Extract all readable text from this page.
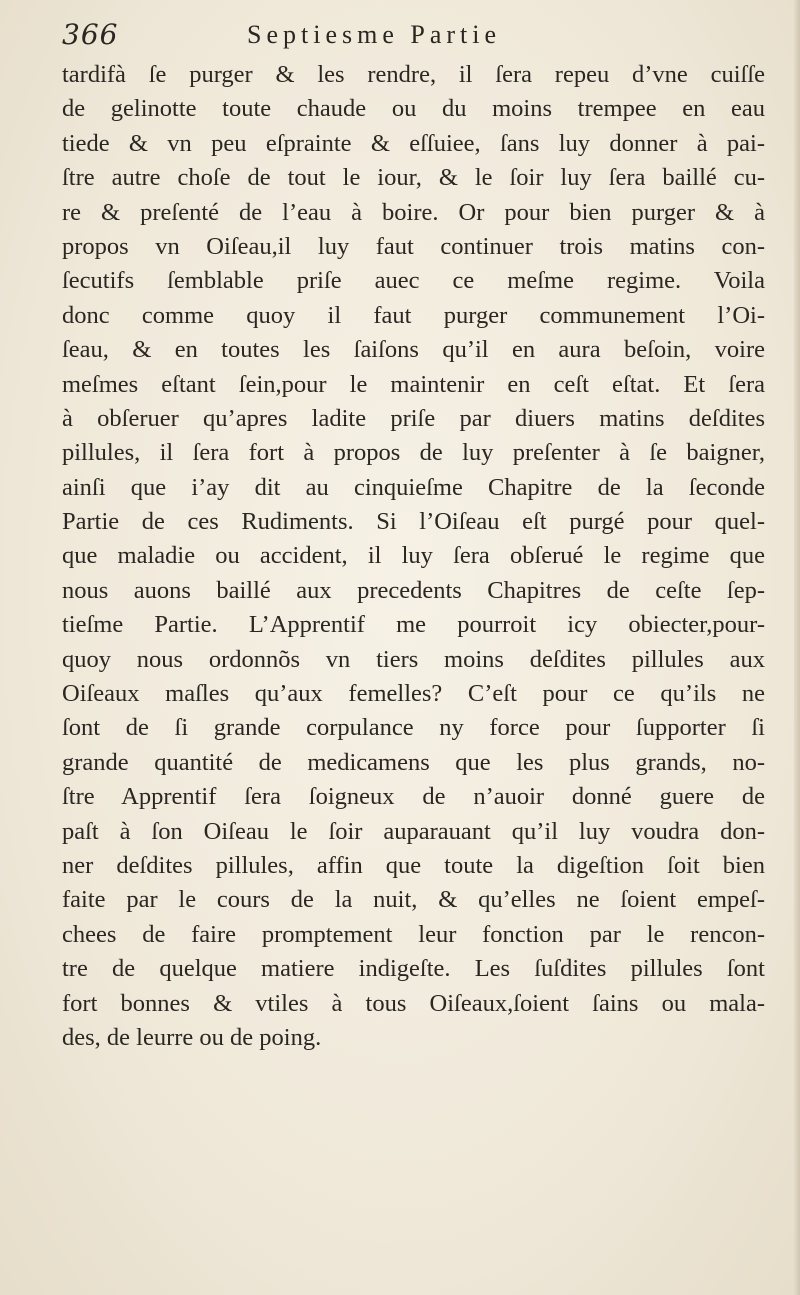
366	Septiesme Partie
tardifà ſe purger & les rendre, il ſera repeu d’vne cuiſſe
de gelinotte toute chaude ou du moins trempee en eau
tiede & vn peu eſprainte & eſſuiee, ſans luy donner à pai-
ſtre autre choſe de tout le iour, & le ſoir luy ſera baillé cu-
re & preſenté de l’eau à boire. Or pour bien purger & à
propos vn Oiſeau,il luy faut continuer trois matins con-
ſecutifs ſemblable priſe auec ce meſme regime. Voila
donc comme quoy il faut purger communement l’Oi-
ſeau, & en toutes les ſaiſons qu’il en aura beſoin, voire
meſmes eſtant ſein,pour le maintenir en ceſt eſtat. Et ſera
à obſeruer qu’apres ladite priſe par diuers matins deſdites
pillules, il ſera fort à propos de luy preſenter à ſe baigner,
ainſi que i’ay dit au cinquieſme Chapitre de la ſeconde
Partie de ces Rudiments. Si l’Oiſeau eſt purgé pour quel-
que maladie ou accident, il luy ſera obſerué le regime que
nous auons baillé aux precedents Chapitres de ceſte ſep-
tieſme Partie. L’Apprentif me pourroit icy obiecter,pour-
quoy nous ordonnõs vn tiers moins deſdites pillules aux
Oiſeaux maſles qu’aux femelles? C’eſt pour ce qu’ils ne
ſont de ſi grande corpulance ny force pour ſupporter ſi
grande quantité de medicamens que les plus grands, no-
ſtre Apprentif ſera ſoigneux de n’auoir donné guere de
paſt à ſon Oiſeau le ſoir auparauant qu’il luy voudra don-
ner deſdites pillules, affin que toute la digeſtion ſoit bien
faite par le cours de la nuit, & qu’elles ne ſoient empeſ-
chees de faire promptement leur fonction par le rencon-
tre de quelque matiere indigeſte. Les ſuſdites pillules ſont
fort bonnes & vtiles à tous Oiſeaux,ſoient ſains ou mala-
des, de leurre ou de poing.
